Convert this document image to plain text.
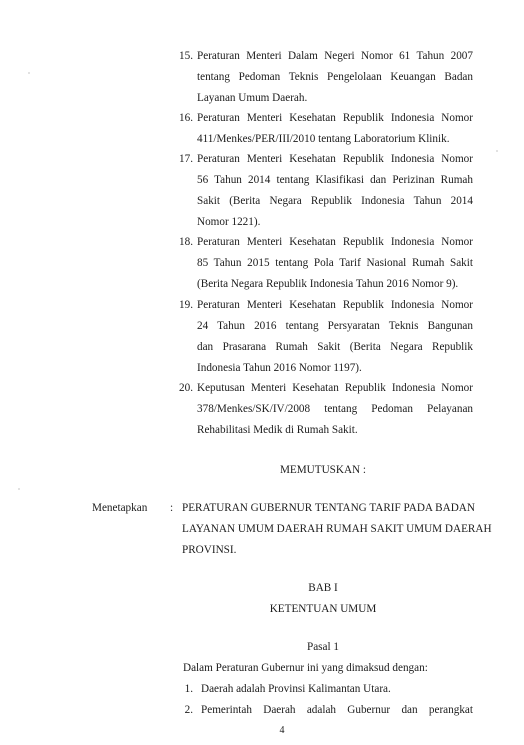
15. Peraturan Menteri Dalam Negeri Nomor 61 Tahun 2007
tentang Pedoman Teknis Pengelolaan Keuangan Badan
Layanan Umum Daerah.
16. Peraturan Menteri Kesehatan Republik Indonesia Nomor
411/Menkes/PER/III/2010 tentang Laboratorium Klinik.
17. Peraturan Menteri Kesehatan Republik Indonesia Nomor
56 Tahun 2014 tentang Klasifikasi dan Perizinan Rumah
Sakit (Berita Negara Republik Indonesia Tahun 2014
Nomor 1221).
18. Peraturan Menteri Kesehatan Republik Indonesia Nomor
85 Tahun 2015 tentang Pola Tarif Nasional Rumah Sakit
(Berita Negara Republik Indonesia Tahun 2016 Nomor 9).
19. Peraturan Menteri Kesehatan Republik Indonesia Nomor
24 Tahun 2016 tentang Persyaratan Teknis Bangunan
dan Prasarana Rumah Sakit (Berita Negara Republik
Indonesia Tahun 2016 Nomor 1197).
20. Keputusan Menteri Kesehatan Republik Indonesia Nomor
378/Menkes/SK/IV/2008 tentang Pedoman Pelayanan
Rehabilitasi Medik di Rumah Sakit.
MEMUTUSKAN :
Menetapkan : PERATURAN GUBERNUR TENTANG TARIF PADA BADAN
LAYANAN UMUM DAERAH RUMAH SAKIT UMUM DAERAH
PROVINSI.
BAB I
KETENTUAN UMUM
Pasal 1
Dalam Peraturan Gubernur ini yang dimaksud dengan:
1. Daerah adalah Provinsi Kalimantan Utara.
2. Pemerintah Daerah adalah Gubernur dan perangkat
4
